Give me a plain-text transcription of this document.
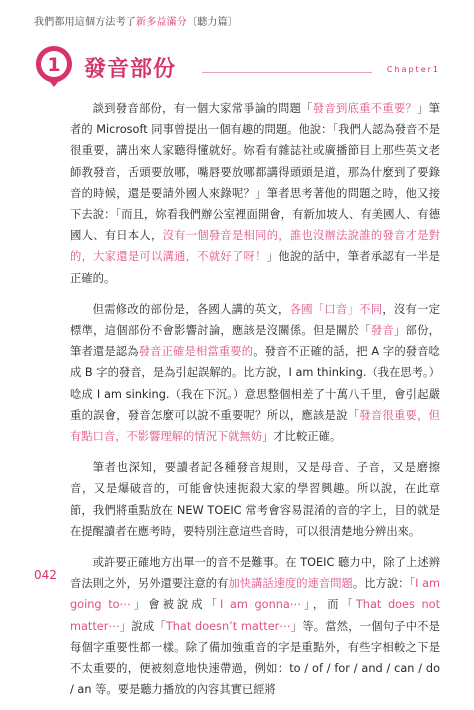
我們都用這個方法考了新多益滿分〔聽力篇〕
1 發音部份	Chapter1

談到發音部份，有一個大家常爭論的問題「發音到底重不重要？」筆者的 Microsoft 同事曾提出一個有趣的問題。他說：「我們人認為發音不是很重要，講出來人家聽得懂就好。妳看有雜誌社或廣播節目上那些英文老師教發音，舌頭要放哪，嘴唇要放哪都講得頭頭是道，那為什麼到了要錄音的時候，還是要請外國人來錄呢？」筆者思考著他的問題之時，他又接下去說：「而且，妳看我們辦公室裡面開會，有新加坡人、有美國人、有德國人、有日本人，沒有一個發音是相同的，誰也沒辦法說誰的發音才是對的，大家還是可以溝通，不就好了呀！」他說的話中，筆者承認有一半是正確的。

但需修改的部份是，各國人講的英文，各國「口音」不同，沒有一定標準，這個部份不會影響討論，應該是沒關係。但是關於「發音」部份，筆者還是認為發音正確是相當重要的。發音不正確的話，把 A 字的發音唸成 B 字的發音，是為引起誤解的。比方說，I am thinking.（我在思考。）唸成 I am sinking.（我在下沉。）意思整個相差了十萬八千里，會引起嚴重的誤會，發音怎麼可以說不重要呢？所以，應該是說「發音很重要，但有點口音，不影響理解的情況下就無妨」才比較正確。

筆者也深知，要讀者記各種發音規則，又是母音、子音，又是磨擦音，又是爆破音的，可能會快速扼殺大家的學習興趣。所以說，在此章節，我們將重點放在 NEW TOEIC 常考會容易混淆的音的字上，目的就是在提醒讀者在應考時，要特別注意這些音時，可以很清楚地分辨出來。

或許要正確地方出單一的音不是難事。在 TOEIC 聽力中，除了上述辨音法則之外，另外還要注意的有加快講話速度的連音問題。比方說：「I am going to⋯」會被說成「I am gonna⋯」，而「That does not matter⋯」說成「That doesn’t matter⋯」等。當然，一個句子中不是每個字重要性都一樣。除了備加強重音的字是重點外，有些字相較之下是不太重要的，便被刻意地快速帶過，例如：to / of / for / and / can / do / an 等。要是聽力播放的內容其實已經將

042
